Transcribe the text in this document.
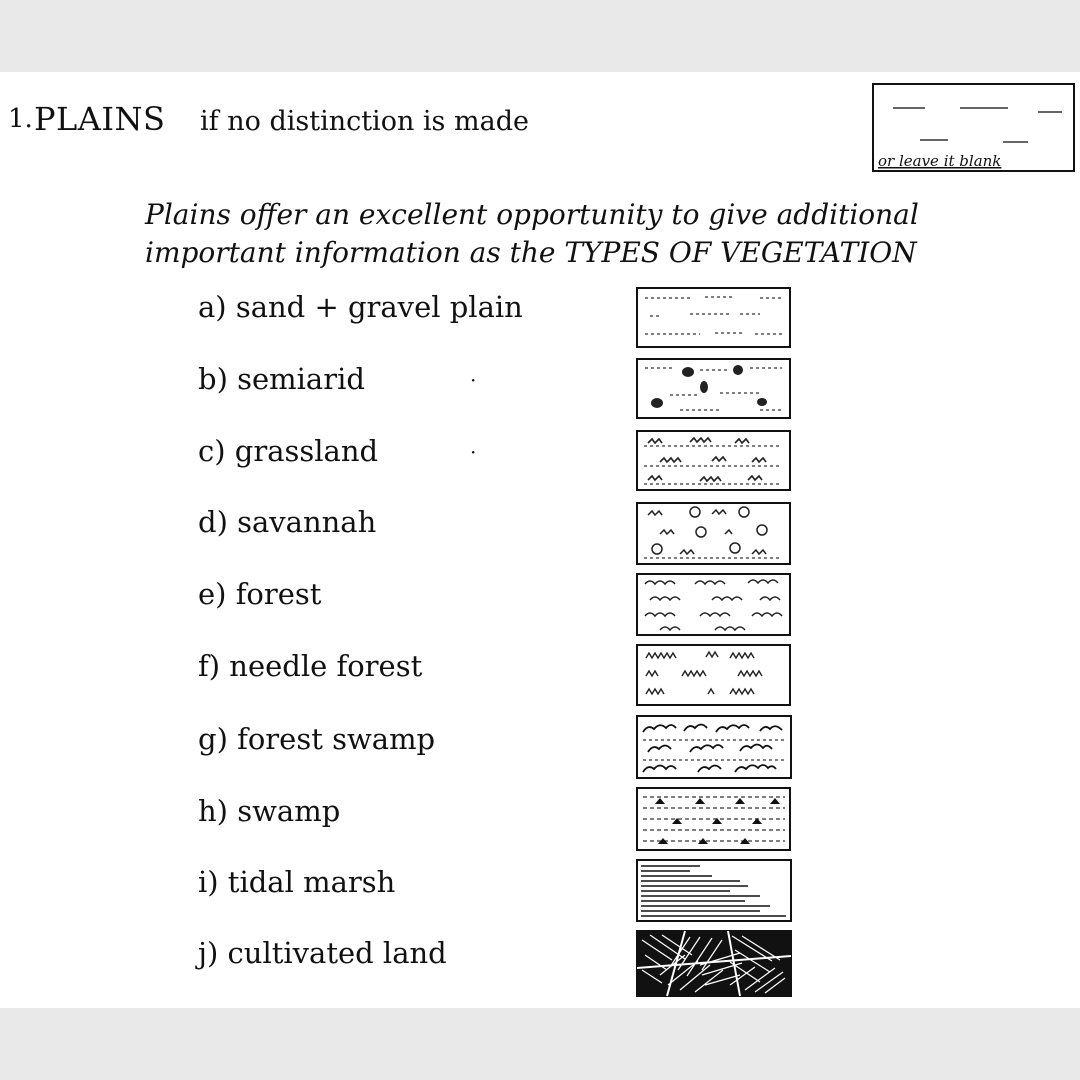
1. PLAINS if no distinction is made
Plains offer an excellent opportunity to give additional
important information as the TYPES OF VEGETATION
a) sand + gravel plain
b) semiarid
c) grassland
d) savannah
e) forest
f) needle forest
g) forest swamp
h) swamp
i) tidal marsh
j) cultivated land
·
·
or leave it blank
